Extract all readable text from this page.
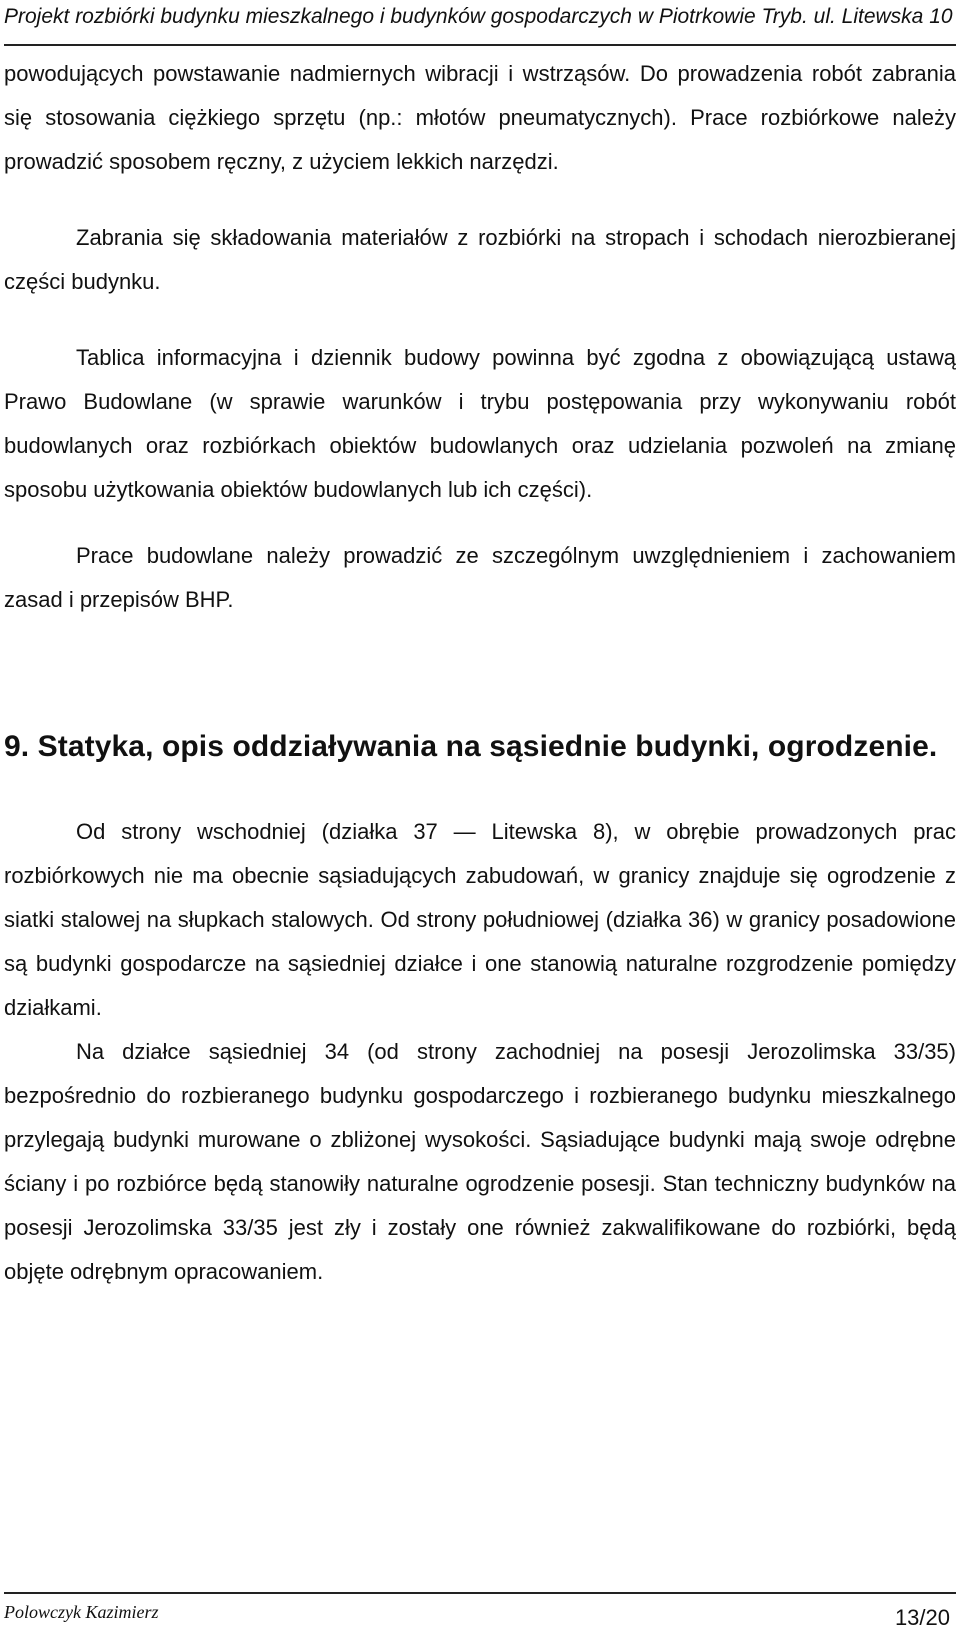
Projekt rozbiórki budynku mieszkalnego i budynków gospodarczych w Piotrkowie Tryb. ul. Litewska 10

powodujących powstawanie nadmiernych wibracji i wstrząsów. Do prowadzenia robót zabrania się stosowania ciężkiego sprzętu (np.: młotów pneumatycznych). Prace rozbiórkowe należy prowadzić sposobem ręczny, z użyciem lekkich narzędzi.

Zabrania się składowania materiałów z rozbiórki na stropach i schodach nierozbieranej części budynku.

Tablica informacyjna i dziennik budowy powinna być zgodna z obowiązującą ustawą Prawo Budowlane (w sprawie warunków i trybu postępowania przy wykonywaniu robót budowlanych oraz rozbiórkach obiektów budowlanych oraz udzielania pozwoleń na zmianę sposobu użytkowania obiektów budowlanych lub ich części).

Prace budowlane należy prowadzić ze szczególnym uwzględnieniem i zachowaniem zasad i przepisów BHP.

9. Statyka, opis oddziaływania na sąsiednie budynki, ogrodzenie.

Od strony wschodniej (działka 37 — Litewska 8), w obrębie prowadzonych prac rozbiórkowych nie ma obecnie sąsiadujących zabudowań, w granicy znajduje się ogrodzenie z siatki stalowej na słupkach stalowych. Od strony południowej (działka 36) w granicy posadowione są budynki gospodarcze na sąsiedniej działce i one stanowią naturalne rozgrodzenie pomiędzy działkami.

Na działce sąsiedniej 34 (od strony zachodniej na posesji Jerozolimska 33/35) bezpośrednio do rozbieranego budynku gospodarczego i rozbieranego budynku mieszkalnego przylegają budynki murowane o zbliżonej wysokości. Sąsiadujące budynki mają swoje odrębne ściany i po rozbiórce będą stanowiły naturalne ogrodzenie posesji. Stan techniczny budynków na posesji Jerozolimska 33/35 jest zły i zostały one również zakwalifikowane do rozbiórki, będą objęte odrębnym opracowaniem.

Polowczyk Kazimierz	13/20
